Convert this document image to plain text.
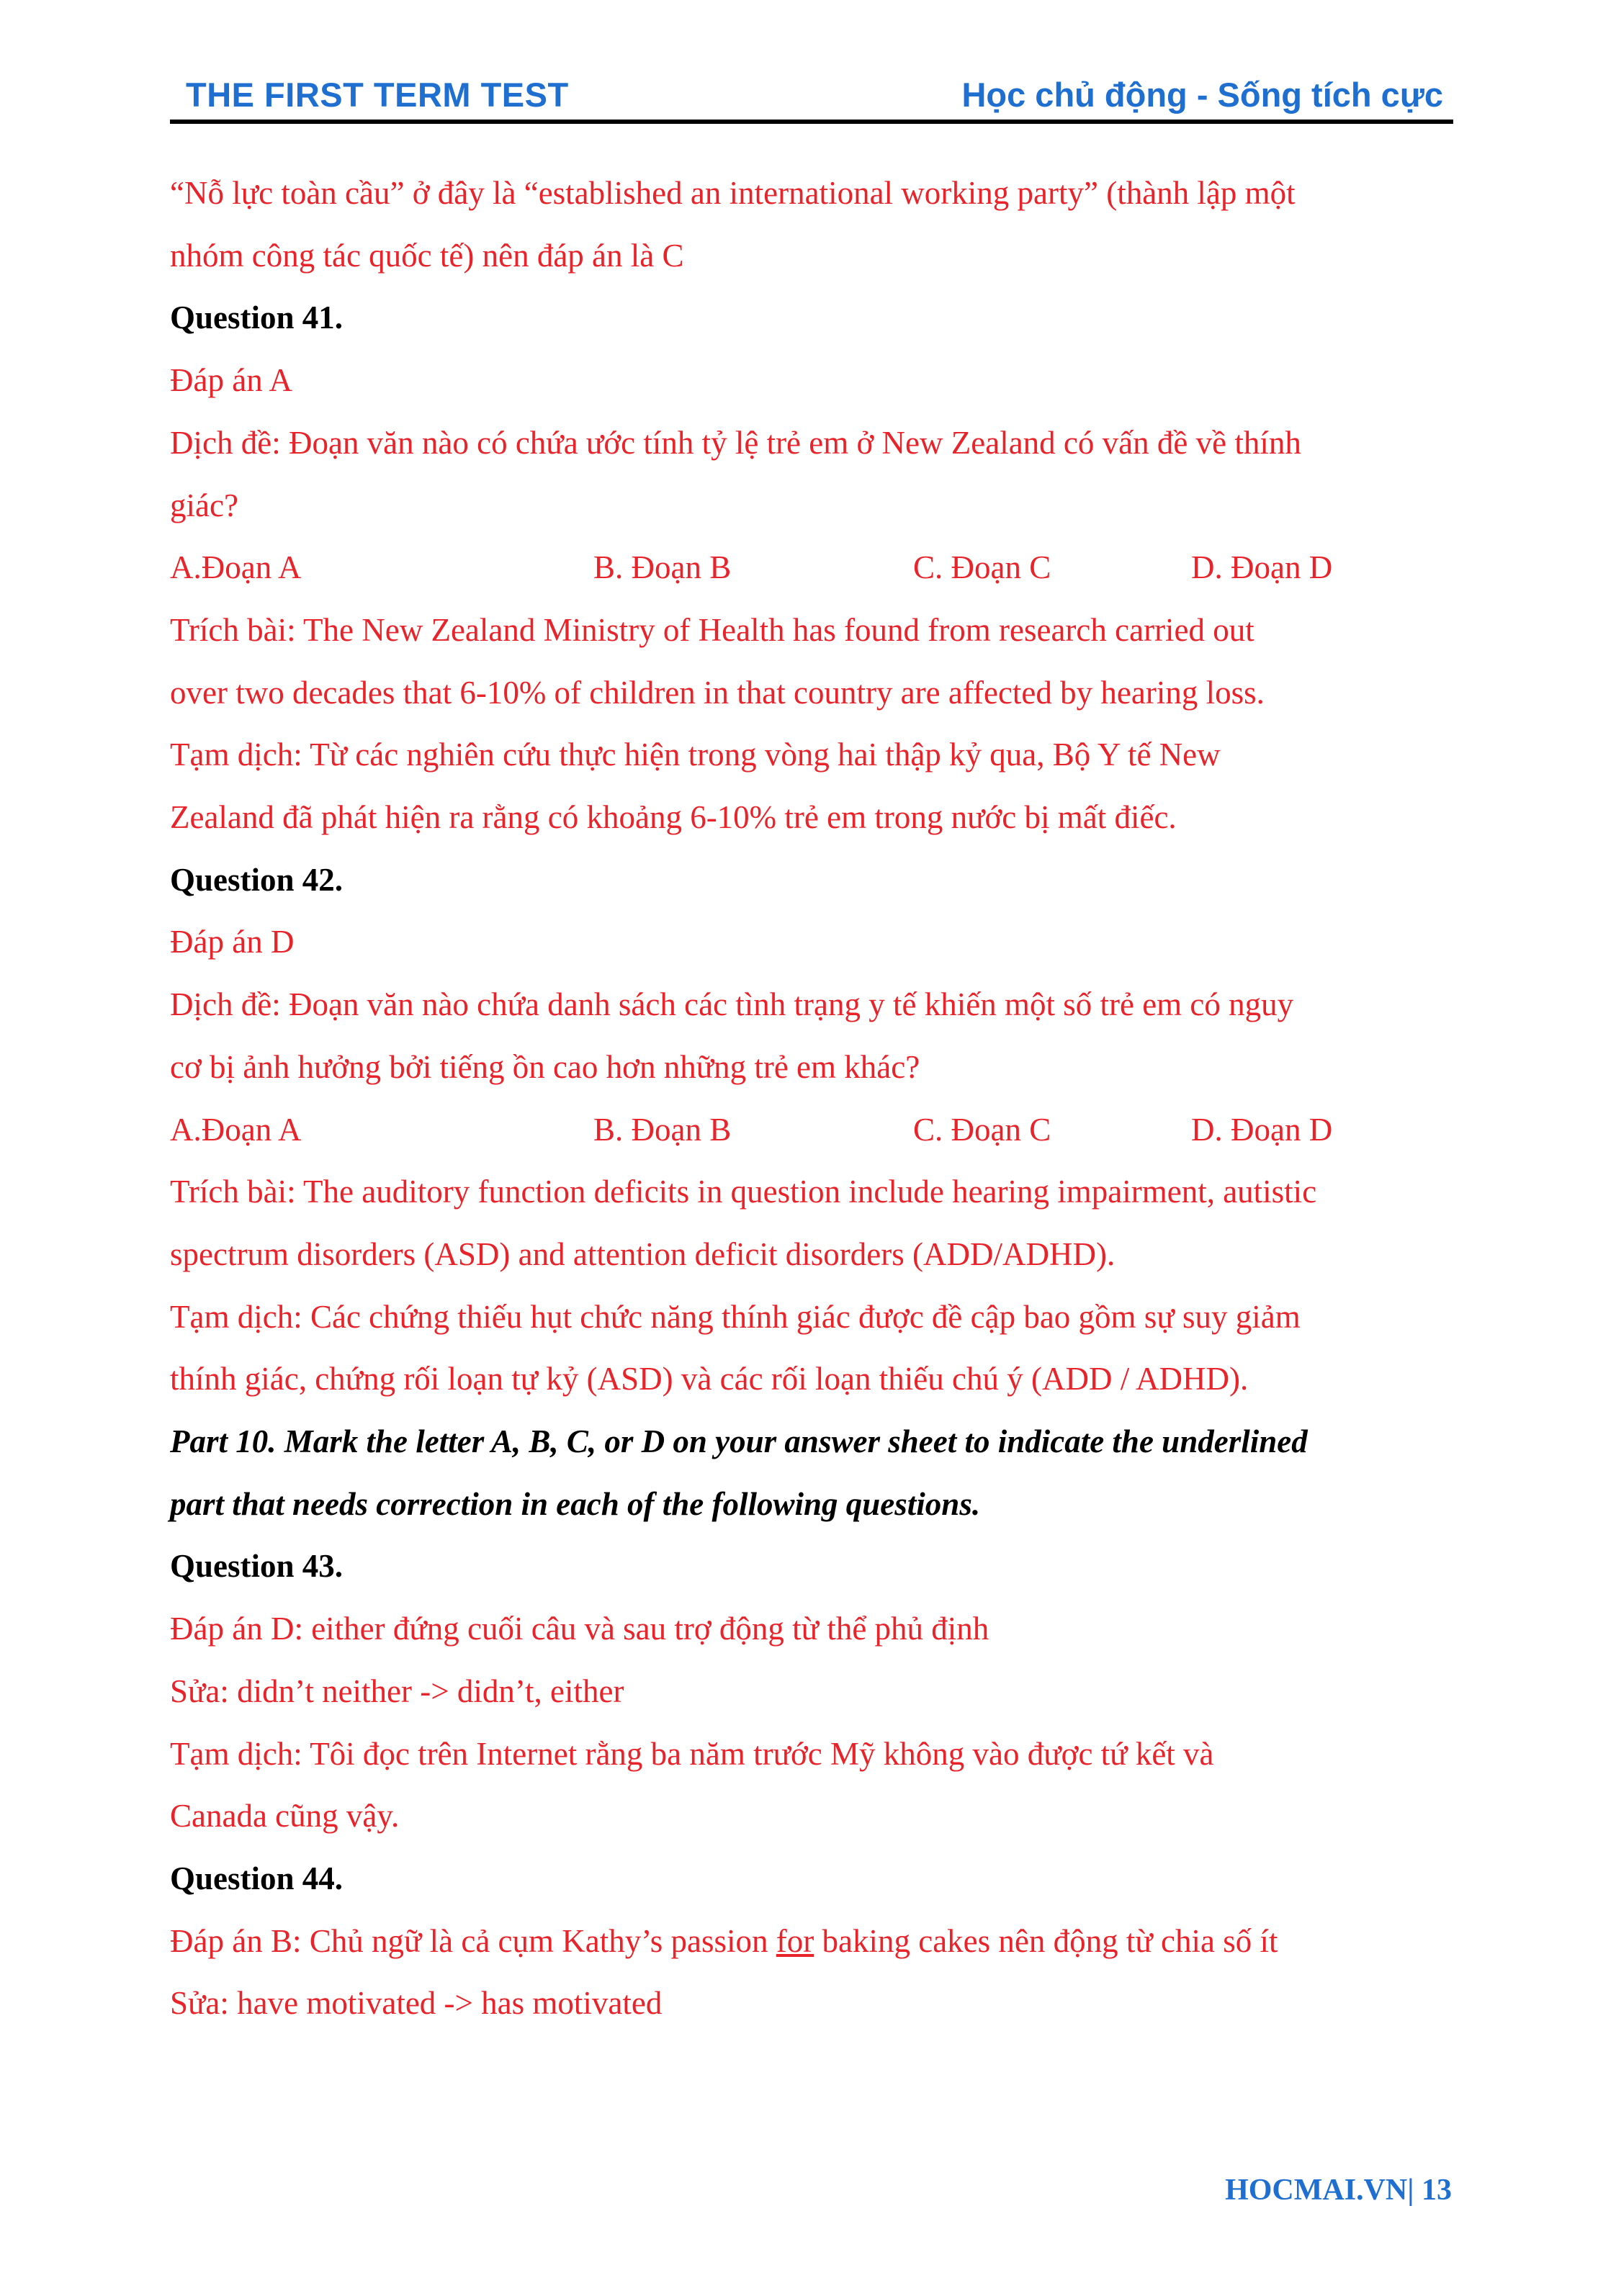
THE FIRST TERM TEST	Học chủ động - Sống tích cực
“Nỗ lực toàn cầu” ở đây là “established an international working party” (thành lập một
nhóm công tác quốc tế) nên đáp án là C
Question 41.
Đáp án A
Dịch đề: Đoạn văn nào có chứa ước tính tỷ lệ trẻ em ở New Zealand có vấn đề về thính
giác?
A.Đoạn A	B. Đoạn B	C. Đoạn C	D. Đoạn D
Trích bài: The New Zealand Ministry of Health has found from research carried out
over two decades that 6-10% of children in that country are affected by hearing loss.
Tạm dịch: Từ các nghiên cứu thực hiện trong vòng hai thập kỷ qua, Bộ Y tế New
Zealand đã phát hiện ra rằng có khoảng 6-10% trẻ em trong nước bị mất điếc.
Question 42.
Đáp án D
Dịch đề: Đoạn văn nào chứa danh sách các tình trạng y tế khiến một số trẻ em có nguy
cơ bị ảnh hưởng bởi tiếng ồn cao hơn những trẻ em khác?
A.Đoạn A	B. Đoạn B	C. Đoạn C	D. Đoạn D
Trích bài: The auditory function deficits in question include hearing impairment, autistic
spectrum disorders (ASD) and attention deficit disorders (ADD/ADHD).
Tạm dịch: Các chứng thiếu hụt chức năng thính giác được đề cập bao gồm sự suy giảm
thính giác, chứng rối loạn tự kỷ (ASD) và các rối loạn thiếu chú ý (ADD / ADHD).
Part 10. Mark the letter A, B, C, or D on your answer sheet to indicate the underlined
part that needs correction in each of the following questions.
Question 43.
Đáp án D: either đứng cuối câu và sau trợ động từ thể phủ định
Sửa: didn’t neither -> didn’t, either
Tạm dịch: Tôi đọc trên Internet rằng ba năm trước Mỹ không vào được tứ kết và
Canada cũng vậy.
Question 44.
Đáp án B: Chủ ngữ là cả cụm Kathy’s passion for baking cakes nên động từ chia số ít
Sửa: have motivated -> has motivated
HOCMAI.VN| 13
